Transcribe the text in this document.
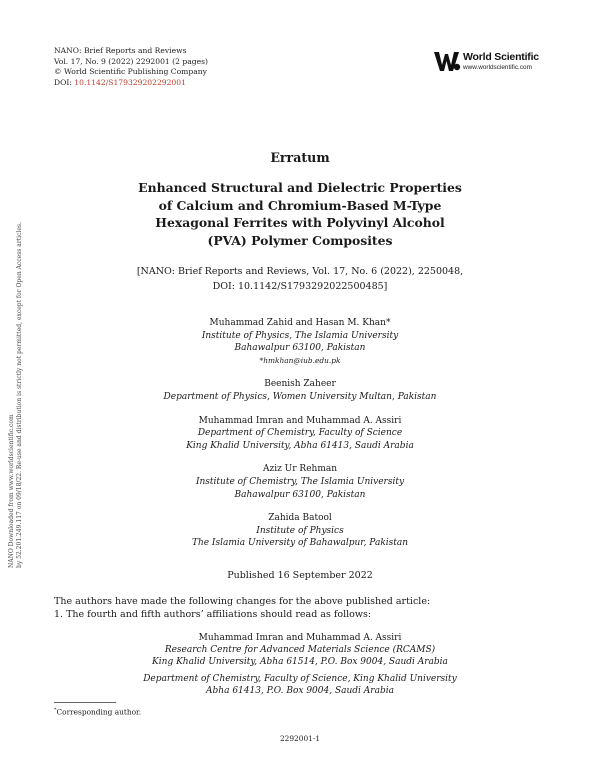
NANO: Brief Reports and Reviews
Vol. 17, No. 9 (2022) 2292001 (2 pages)
© World Scientific Publishing Company
DOI: 10.1142/S179329202292001
World Scientific
www.worldscientific.com
NANO Downloaded from www.worldscientific.com by 52.201.249.117 on 09/18/22. Re-use and distribution is strictly not permitted, except for Open Access articles.
Erratum
Enhanced Structural and Dielectric Properties
of Calcium and Chromium-Based M-Type
Hexagonal Ferrites with Polyvinyl Alcohol
(PVA) Polymer Composites
[NANO: Brief Reports and Reviews, Vol. 17, No. 6 (2022), 2250048,
DOI: 10.1142/S1793292022500485]
Muhammad Zahid and Hasan M. Khan*
Institute of Physics, The Islamia University
Bahawalpur 63100, Pakistan
*hmkhan@iub.edu.pk
Beenish Zaheer
Department of Physics, Women University Multan, Pakistan
Muhammad Imran and Muhammad A. Assiri
Department of Chemistry, Faculty of Science
King Khalid University, Abha 61413, Saudi Arabia
Aziz Ur Rehman
Institute of Chemistry, The Islamia University
Bahawalpur 63100, Pakistan
Zahida Batool
Institute of Physics
The Islamia University of Bahawalpur, Pakistan
Published 16 September 2022
The authors have made the following changes for the above published article:
1. The fourth and fifth authors’ affiliations should read as follows:
Muhammad Imran and Muhammad A. Assiri
Research Centre for Advanced Materials Science (RCAMS)
King Khalid University, Abha 61514, P.O. Box 9004, Saudi Arabia
Department of Chemistry, Faculty of Science, King Khalid University
Abha 61413, P.O. Box 9004, Saudi Arabia
*Corresponding author.
2292001-1
